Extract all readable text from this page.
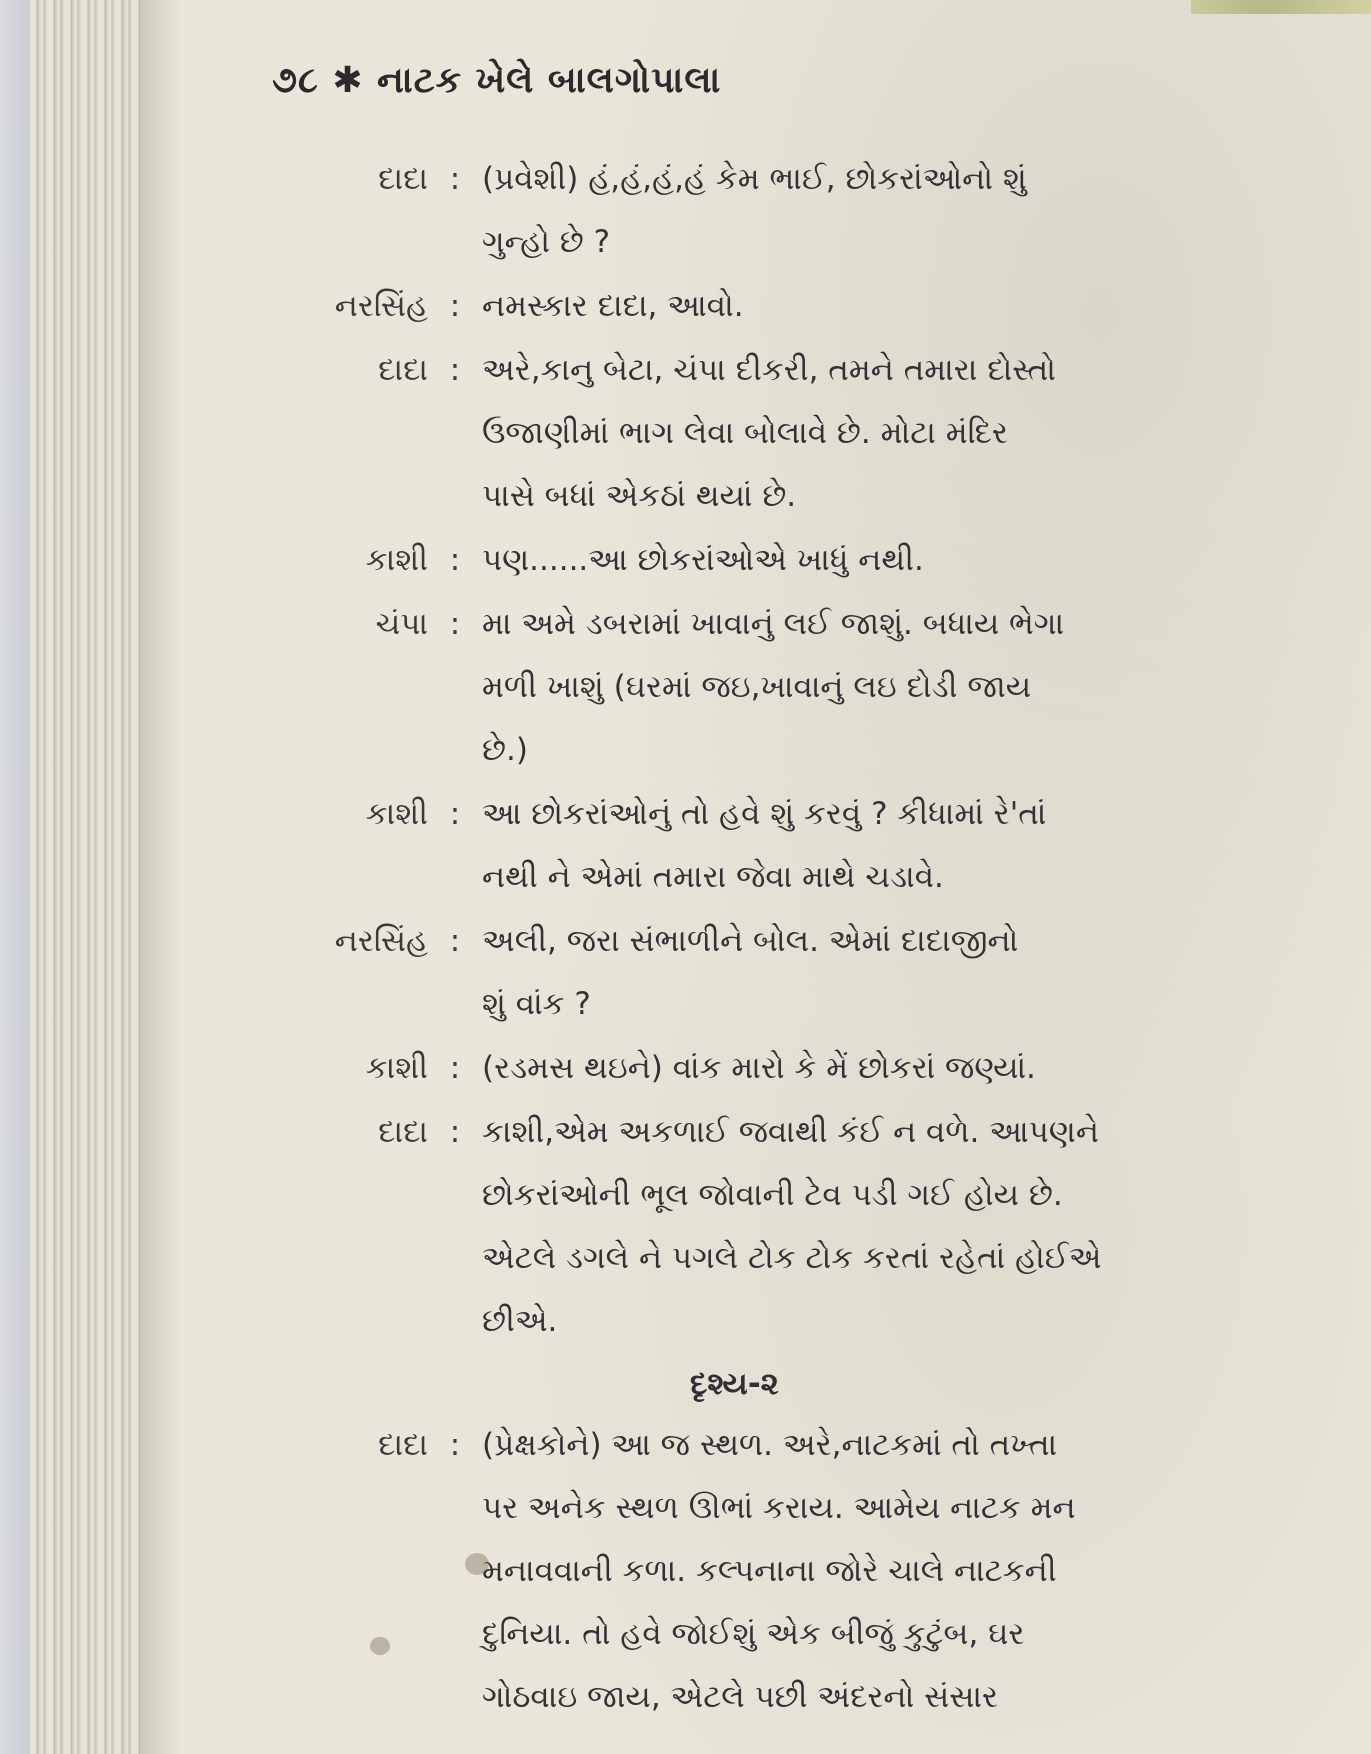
૭૮ ✱ નાટક ખેલે બાલગોપાલા
દાદા : (પ્રવેશી) હં,હં,હં,હં કેમ ભાઈ, છોકરાંઓનો શું
ગુન્હો છે ?
નરસિંહ : નમસ્કાર દાદા, આવો.
દાદા : અરે,કાનુ બેટા, ચંપા દીકરી, તમને તમારા દોસ્તો
ઉજાણીમાં ભાગ લેવા બોલાવે છે. મોટા મંદિર
પાસે બધાં એકઠાં થયાં છે.
કાશી : પણ......આ છોકરાંઓએ ખાધું નથી.
ચંપા : મા અમે ડબરામાં ખાવાનું લઈ જાશું. બધાય ભેગા
મળી ખાશું (ઘરમાં જઇ,ખાવાનું લઇ દોડી જાય
છે.)
કાશી : આ છોકરાંઓનું તો હવે શું કરવું ? કીધામાં રે'તાં
નથી ને એમાં તમારા જેવા માથે ચડાવે.
નરસિંહ : અલી, જરા સંભાળીને બોલ. એમાં દાદાજીનો
શું વાંક ?
કાશી : (રડમસ થઇને) વાંક મારો કે મેં છોકરાં જણ્યાં.
દાદા : કાશી,એમ અકળાઈ જવાથી કંઈ ન વળે. આપણને
છોકરાંઓની ભૂલ જોવાની ટેવ પડી ગઈ હોય છે.
એટલે ડગલે ને પગલે ટોક ટોક કરતાં રહેતાં હોઈએ
છીએ.
દૃશ્ય-૨
દાદા : (પ્રેક્ષકોને) આ જ સ્થળ. અરે,નાટકમાં તો તખ્તા
પર અનેક સ્થળ ઊભાં કરાય. આમેય નાટક મન
મનાવવાની કળા. કલ્પનાના જોરે ચાલે નાટકની
દુનિયા. તો હવે જોઈશું એક બીજું કુટુંબ, ઘર
ગોઠવાઇ જાય, એટલે પછી અંદરનો સંસાર
